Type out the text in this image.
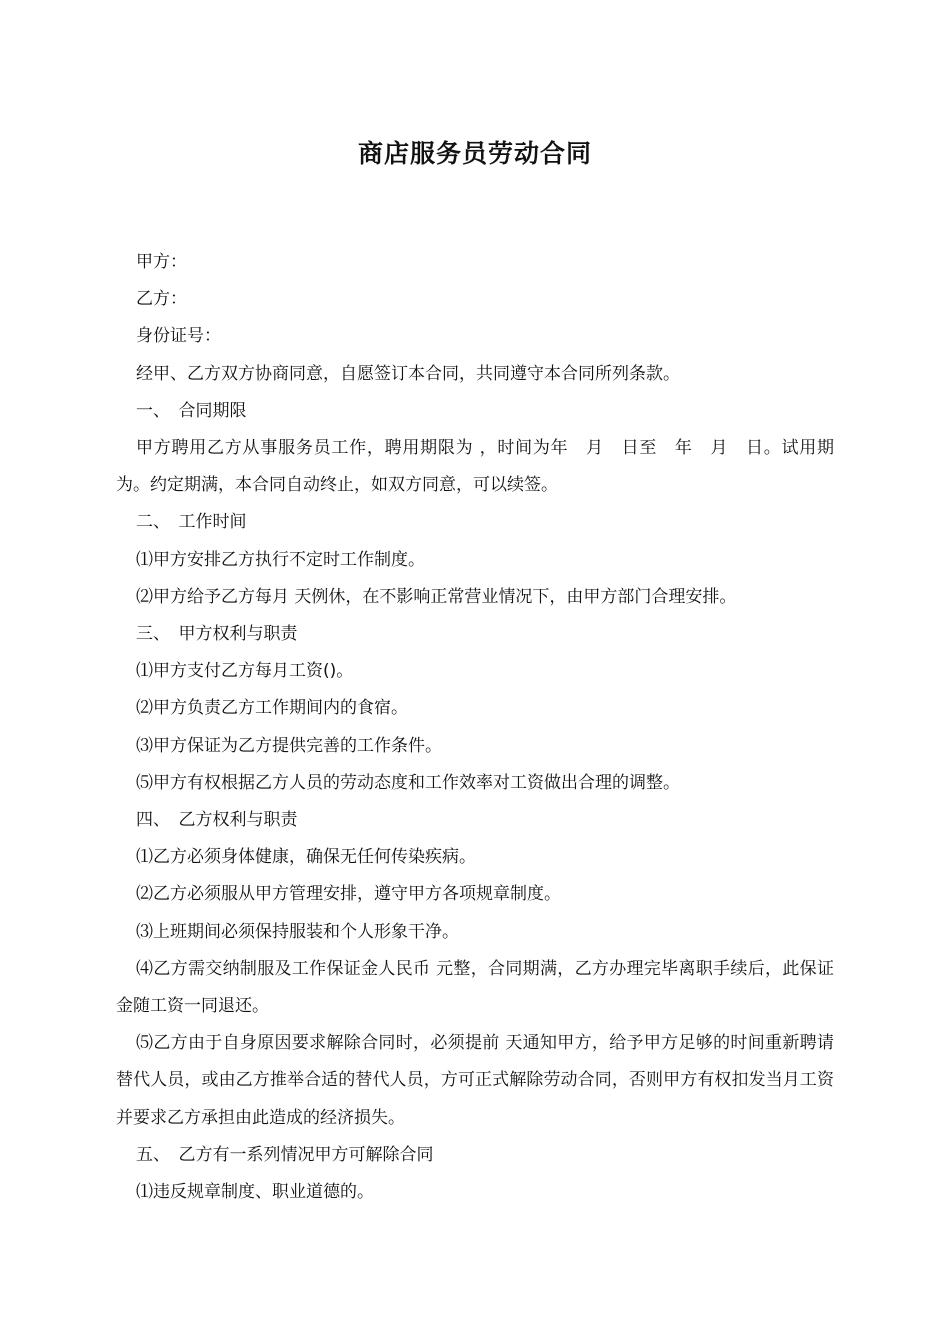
商店服务员劳动合同

甲方：

乙方：

身份证号：

经甲、乙方双方协商同意，自愿签订本合同，共同遵守本合同所列条款。

一、　合同期限

甲方聘用乙方从事服务员工作，聘用期限为 ，时间为年　月　日至　年　月　日。试用期为。约定期满，本合同自动终止，如双方同意，可以续签。

二、　工作时间

⑴甲方安排乙方执行不定时工作制度。

⑵甲方给予乙方每月 天例休，在不影响正常营业情况下，由甲方部门合理安排。

三、　甲方权利与职责

⑴甲方支付乙方每月工资()。

⑵甲方负责乙方工作期间内的食宿。

⑶甲方保证为乙方提供完善的工作条件。

⑸甲方有权根据乙方人员的劳动态度和工作效率对工资做出合理的调整。

四、　乙方权利与职责

⑴乙方必须身体健康，确保无任何传染疾病。

⑵乙方必须服从甲方管理安排，遵守甲方各项规章制度。

⑶上班期间必须保持服装和个人形象干净。

⑷乙方需交纳制服及工作保证金人民币 元整，合同期满，乙方办理完毕离职手续后，此保证金随工资一同退还。

⑸乙方由于自身原因要求解除合同时，必须提前 天通知甲方，给予甲方足够的时间重新聘请替代人员，或由乙方推举合适的替代人员，方可正式解除劳动合同，否则甲方有权扣发当月工资并要求乙方承担由此造成的经济损失。

五、　乙方有一系列情况甲方可解除合同

⑴违反规章制度、职业道德的。
